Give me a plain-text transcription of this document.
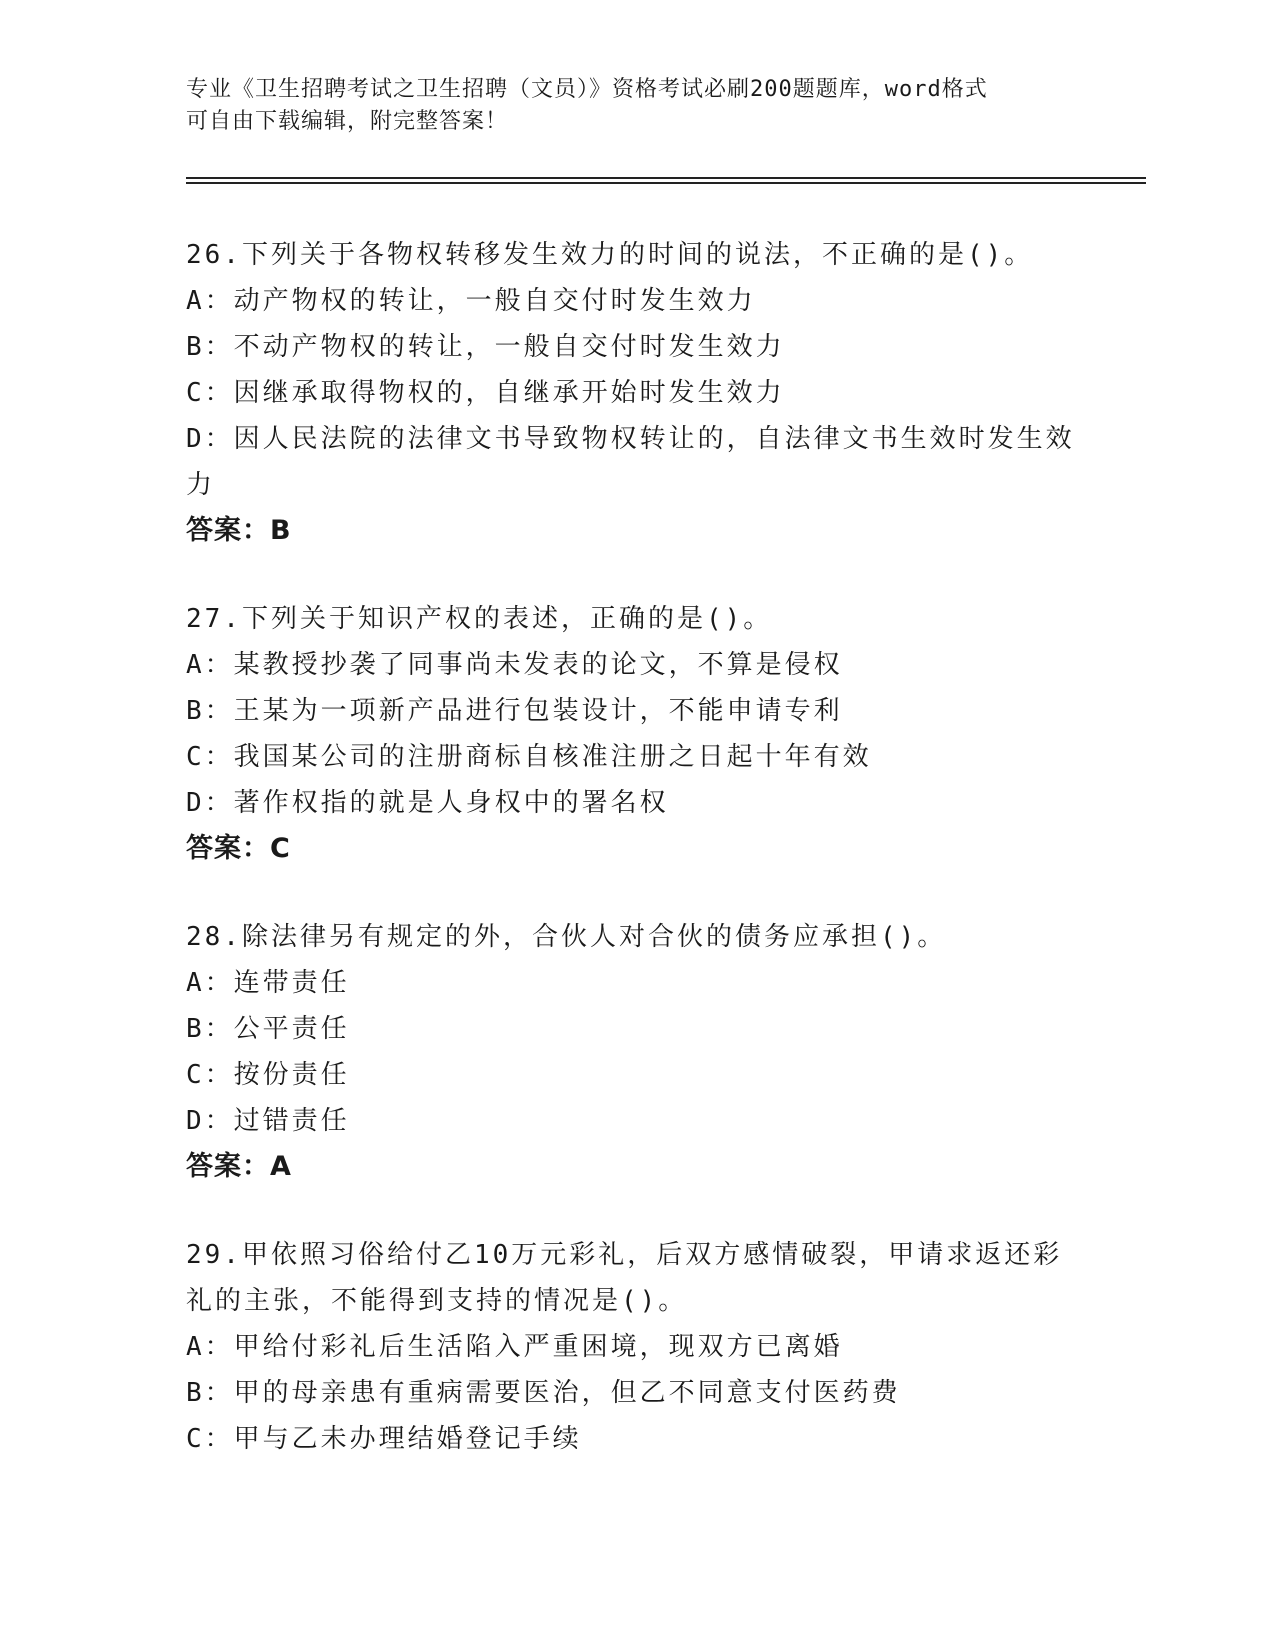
专业《卫生招聘考试之卫生招聘（文员）》资格考试必刷200题题库，word格式
可自由下载编辑，附完整答案！
26.下列关于各物权转移发生效力的时间的说法，不正确的是()。
A：动产物权的转让，一般自交付时发生效力
B：不动产物权的转让，一般自交付时发生效力
C：因继承取得物权的，自继承开始时发生效力
D：因人民法院的法律文书导致物权转让的，自法律文书生效时发生效力
答案：B
27.下列关于知识产权的表述，正确的是()。
A：某教授抄袭了同事尚未发表的论文，不算是侵权
B：王某为一项新产品进行包装设计，不能申请专利
C：我国某公司的注册商标自核准注册之日起十年有效
D：著作权指的就是人身权中的署名权
答案：C
28.除法律另有规定的外，合伙人对合伙的债务应承担()。
A：连带责任
B：公平责任
C：按份责任
D：过错责任
答案：A
29.甲依照习俗给付乙10万元彩礼，后双方感情破裂，甲请求返还彩礼的主张，不能得到支持的情况是()。
A：甲给付彩礼后生活陷入严重困境，现双方已离婚
B：甲的母亲患有重病需要医治，但乙不同意支付医药费
C：甲与乙未办理结婚登记手续
